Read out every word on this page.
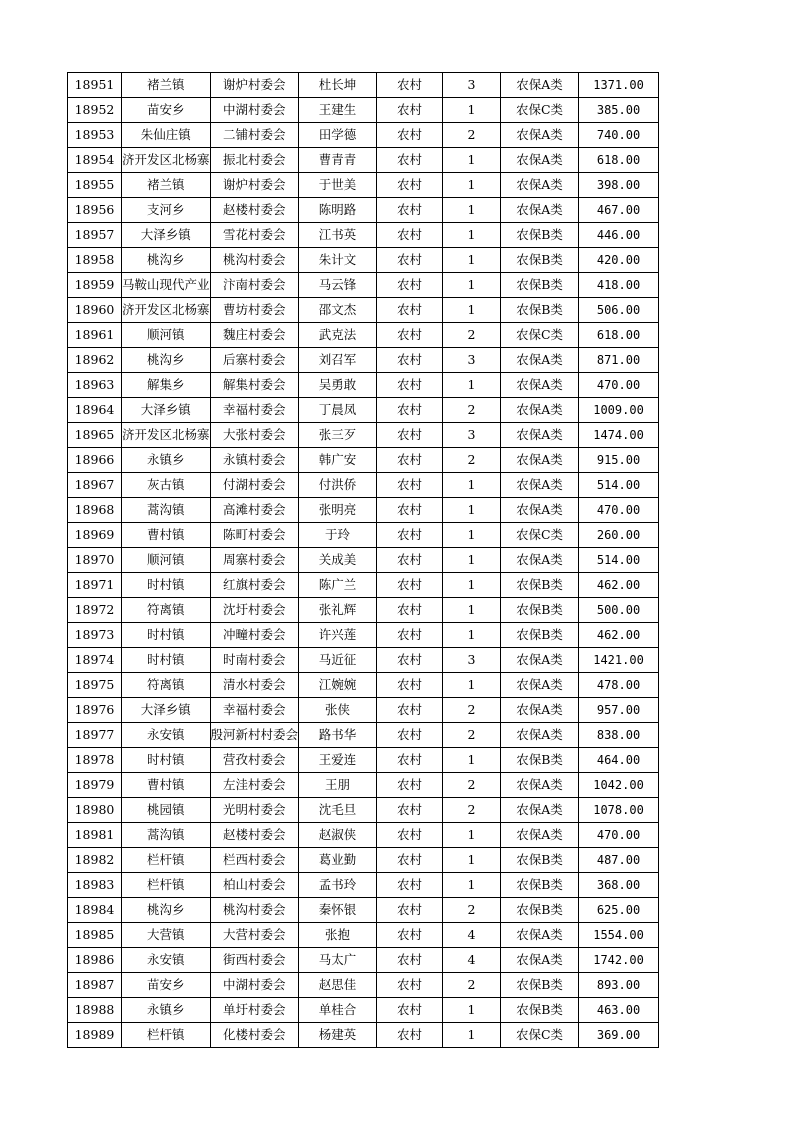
18951	褚兰镇	谢炉村委会	杜长坤	农村	3	农保A类	1371.00
18952	苗安乡	中湖村委会	王建生	农村	1	农保C类	385.00
18953	朱仙庄镇	二铺村委会	田学德	农村	2	农保A类	740.00
18954	济开发区北杨寨	振北村委会	曹青青	农村	1	农保A类	618.00
18955	褚兰镇	谢炉村委会	于世美	农村	1	农保A类	398.00
18956	支河乡	赵楼村委会	陈明路	农村	1	农保A类	467.00
18957	大泽乡镇	雪花村委会	江书英	农村	1	农保B类	446.00
18958	桃沟乡	桃沟村委会	朱计文	农村	1	农保B类	420.00
18959	马鞍山现代产业	汴南村委会	马云锋	农村	1	农保B类	418.00
18960	济开发区北杨寨	曹坊村委会	邵文杰	农村	1	农保B类	506.00
18961	顺河镇	魏庄村委会	武克法	农村	2	农保C类	618.00
18962	桃沟乡	后寨村委会	刘召军	农村	3	农保A类	871.00
18963	解集乡	解集村委会	吴勇敢	农村	1	农保A类	470.00
18964	大泽乡镇	幸福村委会	丁晨凤	农村	2	农保A类	1009.00
18965	济开发区北杨寨	大张村委会	张三歹	农村	3	农保A类	1474.00
18966	永镇乡	永镇村委会	韩广安	农村	2	农保A类	915.00
18967	灰古镇	付湖村委会	付洪侨	农村	1	农保A类	514.00
18968	蒿沟镇	高滩村委会	张明亮	农村	1	农保A类	470.00
18969	曹村镇	陈町村委会	于玲	农村	1	农保C类	260.00
18970	顺河镇	周寨村委会	关成美	农村	1	农保A类	514.00
18971	时村镇	红旗村委会	陈广兰	农村	1	农保B类	462.00
18972	符离镇	沈圩村委会	张礼辉	农村	1	农保B类	500.00
18973	时村镇	冲疃村委会	许兴莲	农村	1	农保B类	462.00
18974	时村镇	时南村委会	马近征	农村	3	农保A类	1421.00
18975	符离镇	清水村委会	江婉婉	农村	1	农保A类	478.00
18976	大泽乡镇	幸福村委会	张侠	农村	2	农保A类	957.00
18977	永安镇	殷河新村村委会	路书华	农村	2	农保A类	838.00
18978	时村镇	营孜村委会	王爱连	农村	1	农保B类	464.00
18979	曹村镇	左洼村委会	王朋	农村	2	农保A类	1042.00
18980	桃园镇	光明村委会	沈毛旦	农村	2	农保A类	1078.00
18981	蒿沟镇	赵楼村委会	赵淑侠	农村	1	农保A类	470.00
18982	栏杆镇	栏西村委会	葛业勤	农村	1	农保B类	487.00
18983	栏杆镇	柏山村委会	孟书玲	农村	1	农保B类	368.00
18984	桃沟乡	桃沟村委会	秦怀银	农村	2	农保B类	625.00
18985	大营镇	大营村委会	张抱	农村	4	农保A类	1554.00
18986	永安镇	街西村委会	马太广	农村	4	农保A类	1742.00
18987	苗安乡	中湖村委会	赵思佳	农村	2	农保B类	893.00
18988	永镇乡	单圩村委会	单桂合	农村	1	农保B类	463.00
18989	栏杆镇	化楼村委会	杨建英	农村	1	农保C类	369.00
